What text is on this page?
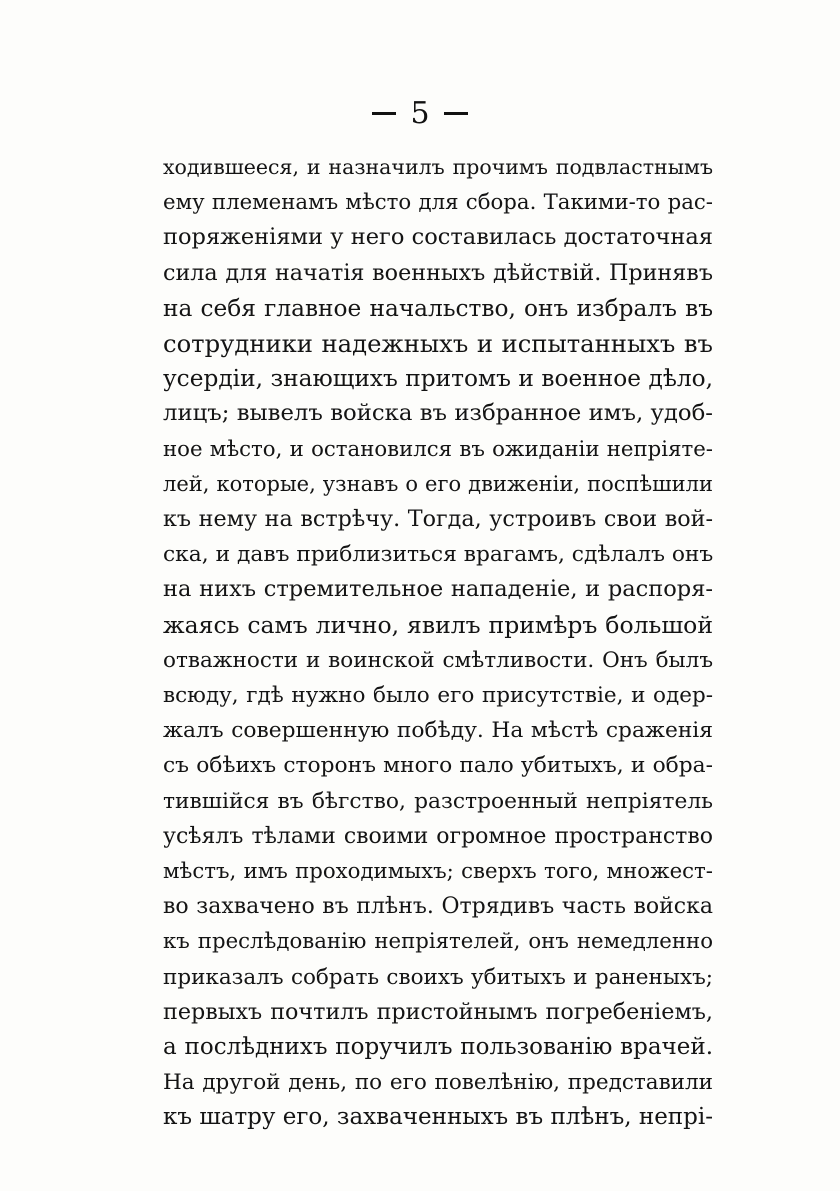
5
ходившееся, и назначилъ прочимъ подвластнымъ
ему племенамъ мѣсто для сбора. Такими-то рас-
поряженіями у него составилась достаточная
сила для начатія военныхъ дѣйствій. Принявъ
на себя главное начальство, онъ избралъ въ
сотрудники надежныхъ и испытанныхъ въ
усердіи, знающихъ притомъ и военное дѣло,
лицъ; вывелъ войска въ избранное имъ, удоб-
ное мѣсто, и остановился въ ожиданіи непріяте-
лей, которые, узнавъ о его движеніи, поспѣшили
къ нему на встрѣчу. Тогда, устроивъ свои вой-
ска, и давъ приблизиться врагамъ, сдѣлалъ онъ
на нихъ стремительное нападеніе, и распоря-
жаясь самъ лично, явилъ примѣръ большой
отважности и воинской смѣтливости. Онъ былъ
всюду, гдѣ нужно было его присутствіе, и одер-
жалъ совершенную побѣду. На мѣстѣ сраженія
съ обѣихъ сторонъ много пало убитыхъ, и обра-
тившійся въ бѣгство, разстроенный непріятель
усѣялъ тѣлами своими огромное пространство
мѣстъ, имъ проходимыхъ; сверхъ того, множест-
во захвачено въ плѣнъ. Отрядивъ часть войска
къ преслѣдованію непріятелей, онъ немедленно
приказалъ собрать своихъ убитыхъ и раненыхъ;
первыхъ почтилъ пристойнымъ погребеніемъ,
а послѣднихъ поручилъ пользованію врачей.
На другой день, по его повелѣнію, представили
къ шатру его, захваченныхъ въ плѣнъ, непрі-
